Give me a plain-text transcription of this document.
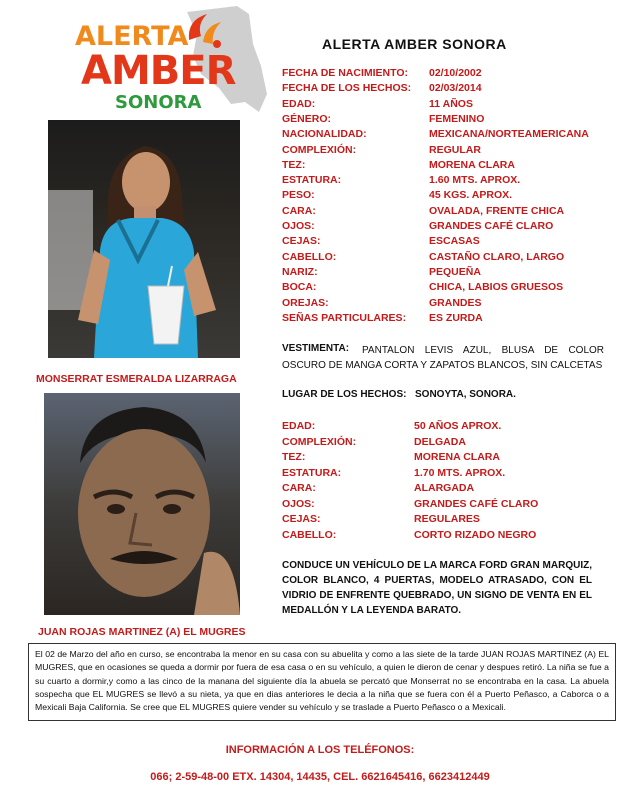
ALERTA
AMBER
SONORA
ALERTA AMBER SONORA
FECHA DE NACIMIENTO: 02/10/2002
FECHA DE LOS HECHOS: 02/03/2014
EDAD:	11 AÑOS
GÉNERO:	FEMENINO
NACIONALIDAD:	MEXICANA/NORTEAMERICANA
COMPLEXIÓN:	REGULAR
TEZ:	MORENA CLARA
ESTATURA:	1.60 MTS. APROX.
PESO:	45 KGS. APROX.
CARA:	OVALADA, FRENTE CHICA
OJOS:	GRANDES CAFÉ CLARO
CEJAS:	ESCASAS
CABELLO:	CASTAÑO CLARO, LARGO
NARIZ:	PEQUEÑA
BOCA:	CHICA, LABIOS GRUESOS
OREJAS:	GRANDES
SEÑAS PARTICULARES: ES ZURDA
MONSERRAT ESMERALDA LIZARRAGA
PANTALON LEVIS AZUL, BLUSA DE COLOR OSCURO DE MANGA CORTA Y ZAPATOS BLANCOS, SIN CALCETAS
VESTIMENTA:
LUGAR DE LOS HECHOS: SONOYTA, SONORA.
EDAD:	50 AÑOS APROX.
COMPLEXIÓN:	DELGADA
TEZ:	MORENA CLARA
ESTATURA:	1.70 MTS. APROX.
CARA:	ALARGADA
OJOS:	GRANDES CAFÉ CLARO
CEJAS:	REGULARES
CABELLO:	CORTO RIZADO NEGRO
JUAN ROJAS MARTINEZ (A) EL MUGRES
CONDUCE UN VEHÍCULO DE LA MARCA FORD GRAN MARQUIZ, COLOR BLANCO, 4 PUERTAS, MODELO ATRASADO, CON EL VIDRIO DE ENFRENTE QUEBRADO, UN SIGNO DE VENTA EN EL MEDALLÓN Y LA LEYENDA BARATO.
El 02 de Marzo del año en curso, se encontraba la menor en su casa con su abuelita y como a las siete de la tarde JUAN ROJAS MARTINEZ (A) EL MUGRES, que en ocasiones se queda a dormir por fuera de esa casa o en su vehículo, a quien le dieron de cenar y despues retiró. La niña se fue a su cuarto a dormir,y como a las cinco de la manana del siguiente día la abuela se percató que Monserrat no se encontraba en la casa. La abuela sospecha que EL MUGRES se llevó a su nieta, ya que en dias anteriores le decia a la niña que se fuera con él a Puerto Peñasco, a Caborca o a Mexicali Baja California. Se cree que EL MUGRES quiere vender su vehículo y se traslade a Puerto Peñasco o a Mexicali.
INFORMACIÓN A LOS TELÉFONOS:
066; 2-59-48-00 ETX. 14304, 14435, CEL. 6621645416, 6623412449
